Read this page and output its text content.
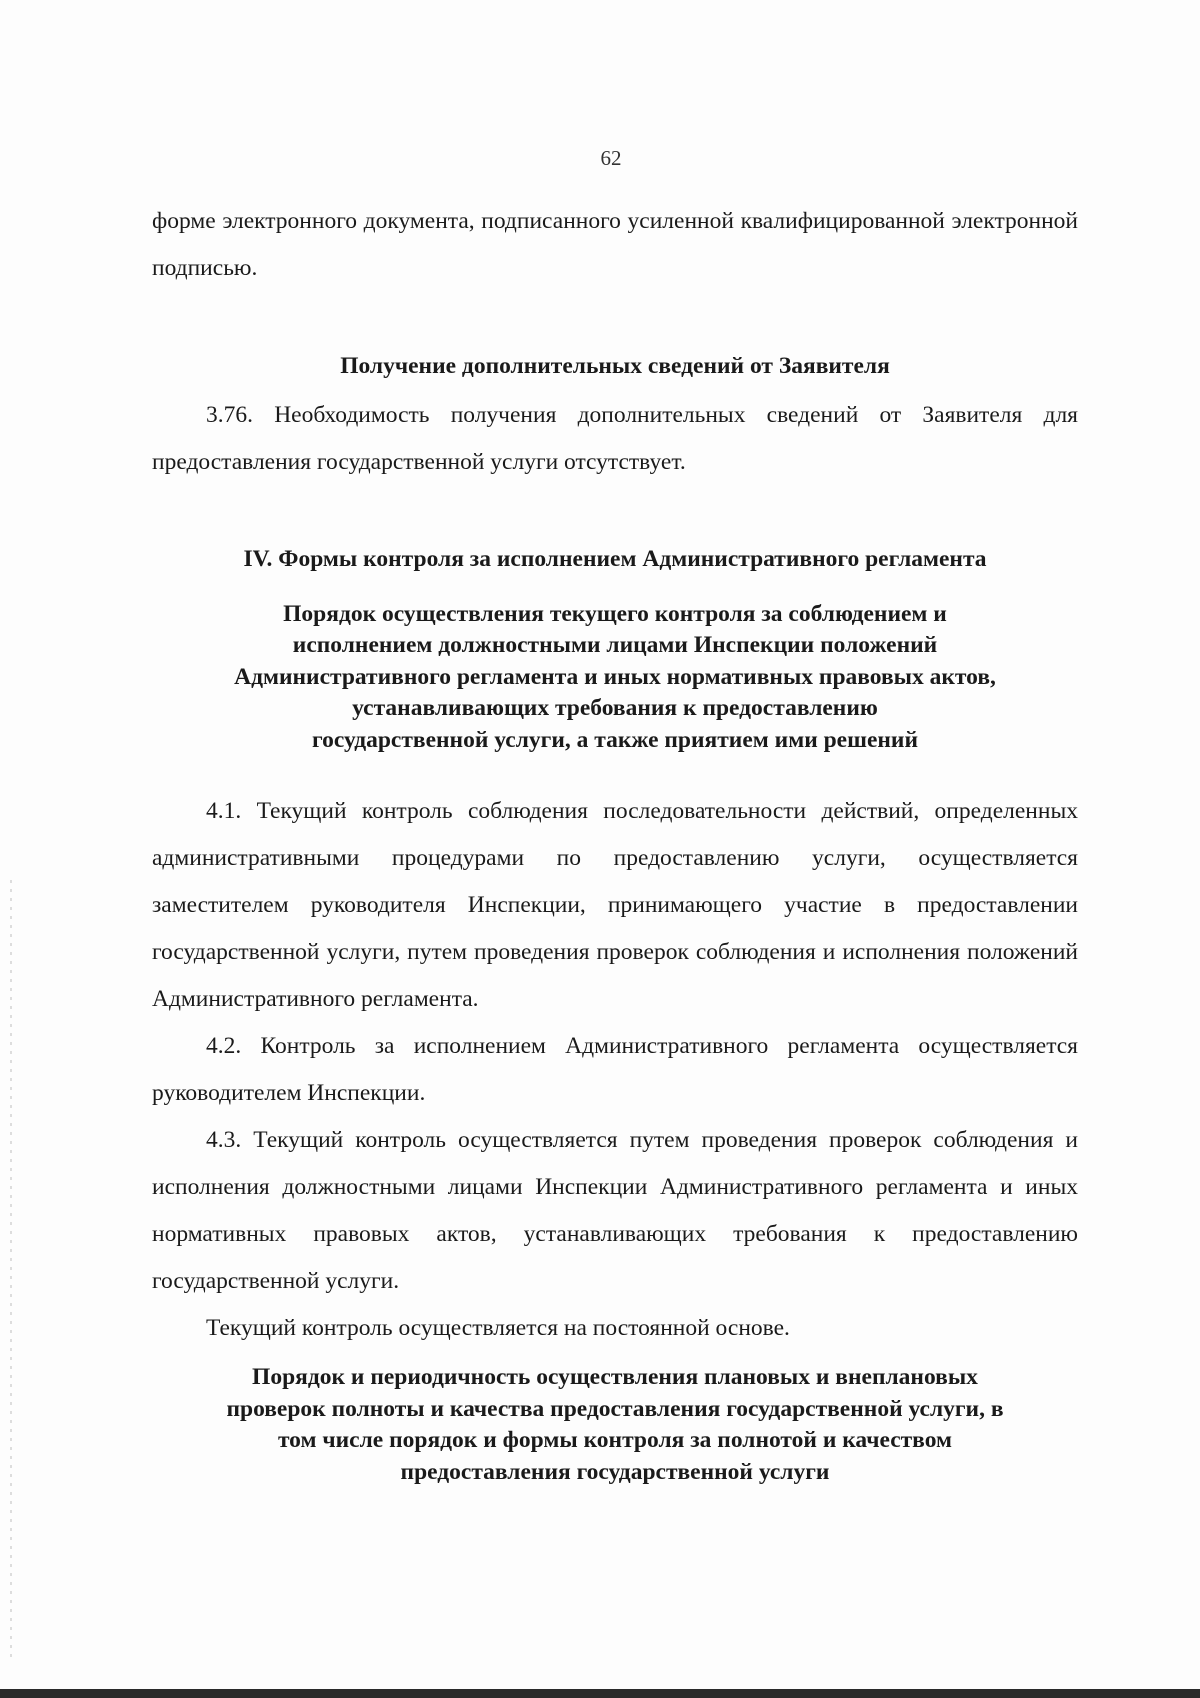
62

форме электронного документа, подписанного усиленной квалифицированной электронной подписью.

Получение дополнительных сведений от Заявителя

3.76. Необходимость получения дополнительных сведений от Заявителя для предоставления государственной услуги отсутствует.

IV. Формы контроля за исполнением Административного регламента

Порядок осуществления текущего контроля за соблюдением и
исполнением должностными лицами Инспекции положений
Административного регламента и иных нормативных правовых актов,
устанавливающих требования к предоставлению
государственной услуги, а также приятием ими решений

4.1. Текущий контроль соблюдения последовательности действий, определенных административными процедурами по предоставлению услуги, осуществляется заместителем руководителя Инспекции, принимающего участие в предоставлении государственной услуги, путем проведения проверок соблюдения и исполнения положений Административного регламента.

4.2. Контроль за исполнением Административного регламента осуществляется руководителем Инспекции.

4.3. Текущий контроль осуществляется путем проведения проверок соблюдения и исполнения должностными лицами Инспекции Административного регламента и иных нормативных правовых актов, устанавливающих требования к предоставлению государственной услуги.

Текущий контроль осуществляется на постоянной основе.

Порядок и периодичность осуществления плановых и внеплановых
проверок полноты и качества предоставления государственной услуги, в
том числе порядок и формы контроля за полнотой и качеством
предоставления государственной услуги
